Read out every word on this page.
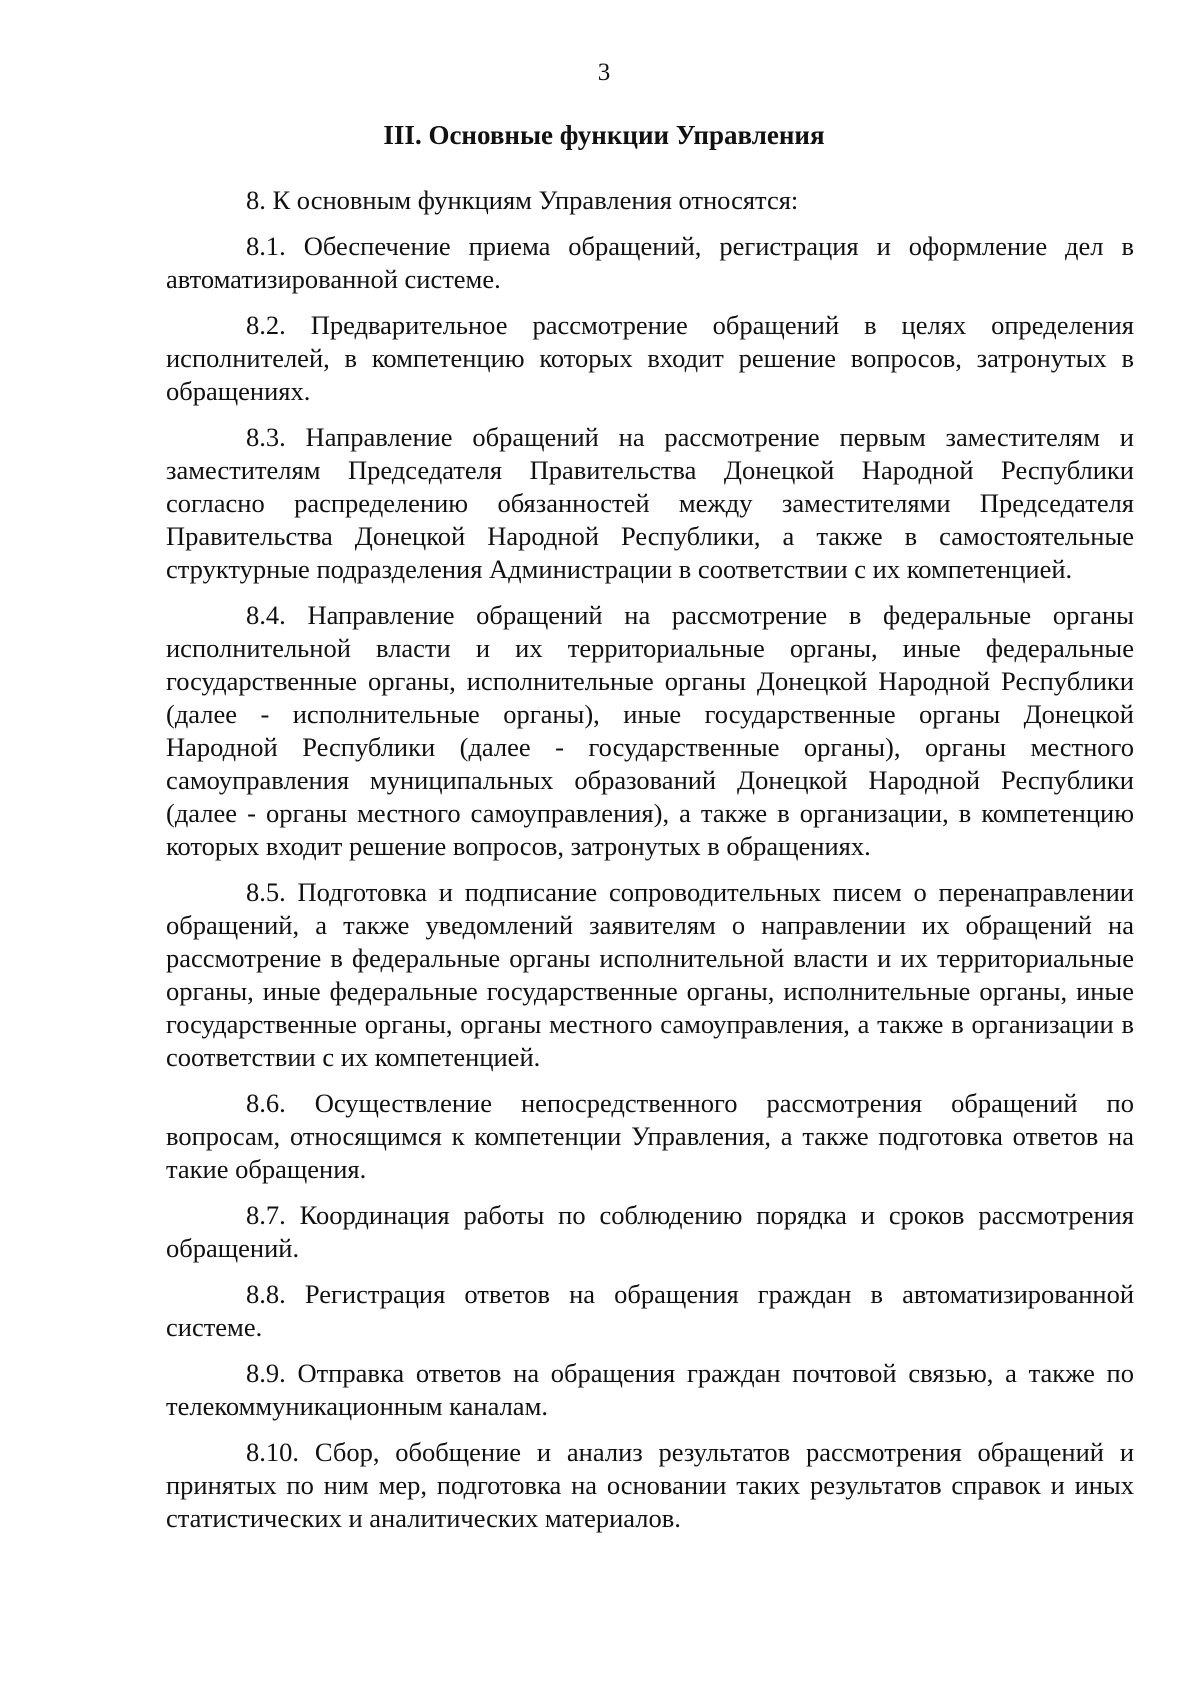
3
III. Основные функции Управления

8. К основным функциям Управления относятся:

8.1. Обеспечение приема обращений, регистрация и оформление дел в автоматизированной системе.

8.2. Предварительное рассмотрение обращений в целях определения исполнителей, в компетенцию которых входит решение вопросов, затронутых в обращениях.

8.3. Направление обращений на рассмотрение первым заместителям и заместителям Председателя Правительства Донецкой Народной Республики согласно распределению обязанностей между заместителями Председателя Правительства Донецкой Народной Республики, а также в самостоятельные структурные подразделения Администрации в соответствии с их компетенцией.

8.4. Направление обращений на рассмотрение в федеральные органы исполнительной власти и их территориальные органы, иные федеральные государственные органы, исполнительные органы Донецкой Народной Республики (далее - исполнительные органы), иные государственные органы Донецкой Народной Республики (далее - государственные органы), органы местного самоуправления муниципальных образований Донецкой Народной Республики (далее - органы местного самоуправления), а также в организации, в компетенцию которых входит решение вопросов, затронутых в обращениях.

8.5. Подготовка и подписание сопроводительных писем о перенаправлении обращений, а также уведомлений заявителям о направлении их обращений на рассмотрение в федеральные органы исполнительной власти и их территориальные органы, иные федеральные государственные органы, исполнительные органы, иные государственные органы, органы местного самоуправления, а также в организации в соответствии с их компетенцией.

8.6. Осуществление непосредственного рассмотрения обращений по вопросам, относящимся к компетенции Управления, а также подготовка ответов на такие обращения.

8.7. Координация работы по соблюдению порядка и сроков рассмотрения обращений.

8.8. Регистрация ответов на обращения граждан в автоматизированной системе.

8.9. Отправка ответов на обращения граждан почтовой связью, а также по телекоммуникационным каналам.

8.10. Сбор, обобщение и анализ результатов рассмотрения обращений и принятых по ним мер, подготовка на основании таких результатов справок и иных статистических и аналитических материалов.
